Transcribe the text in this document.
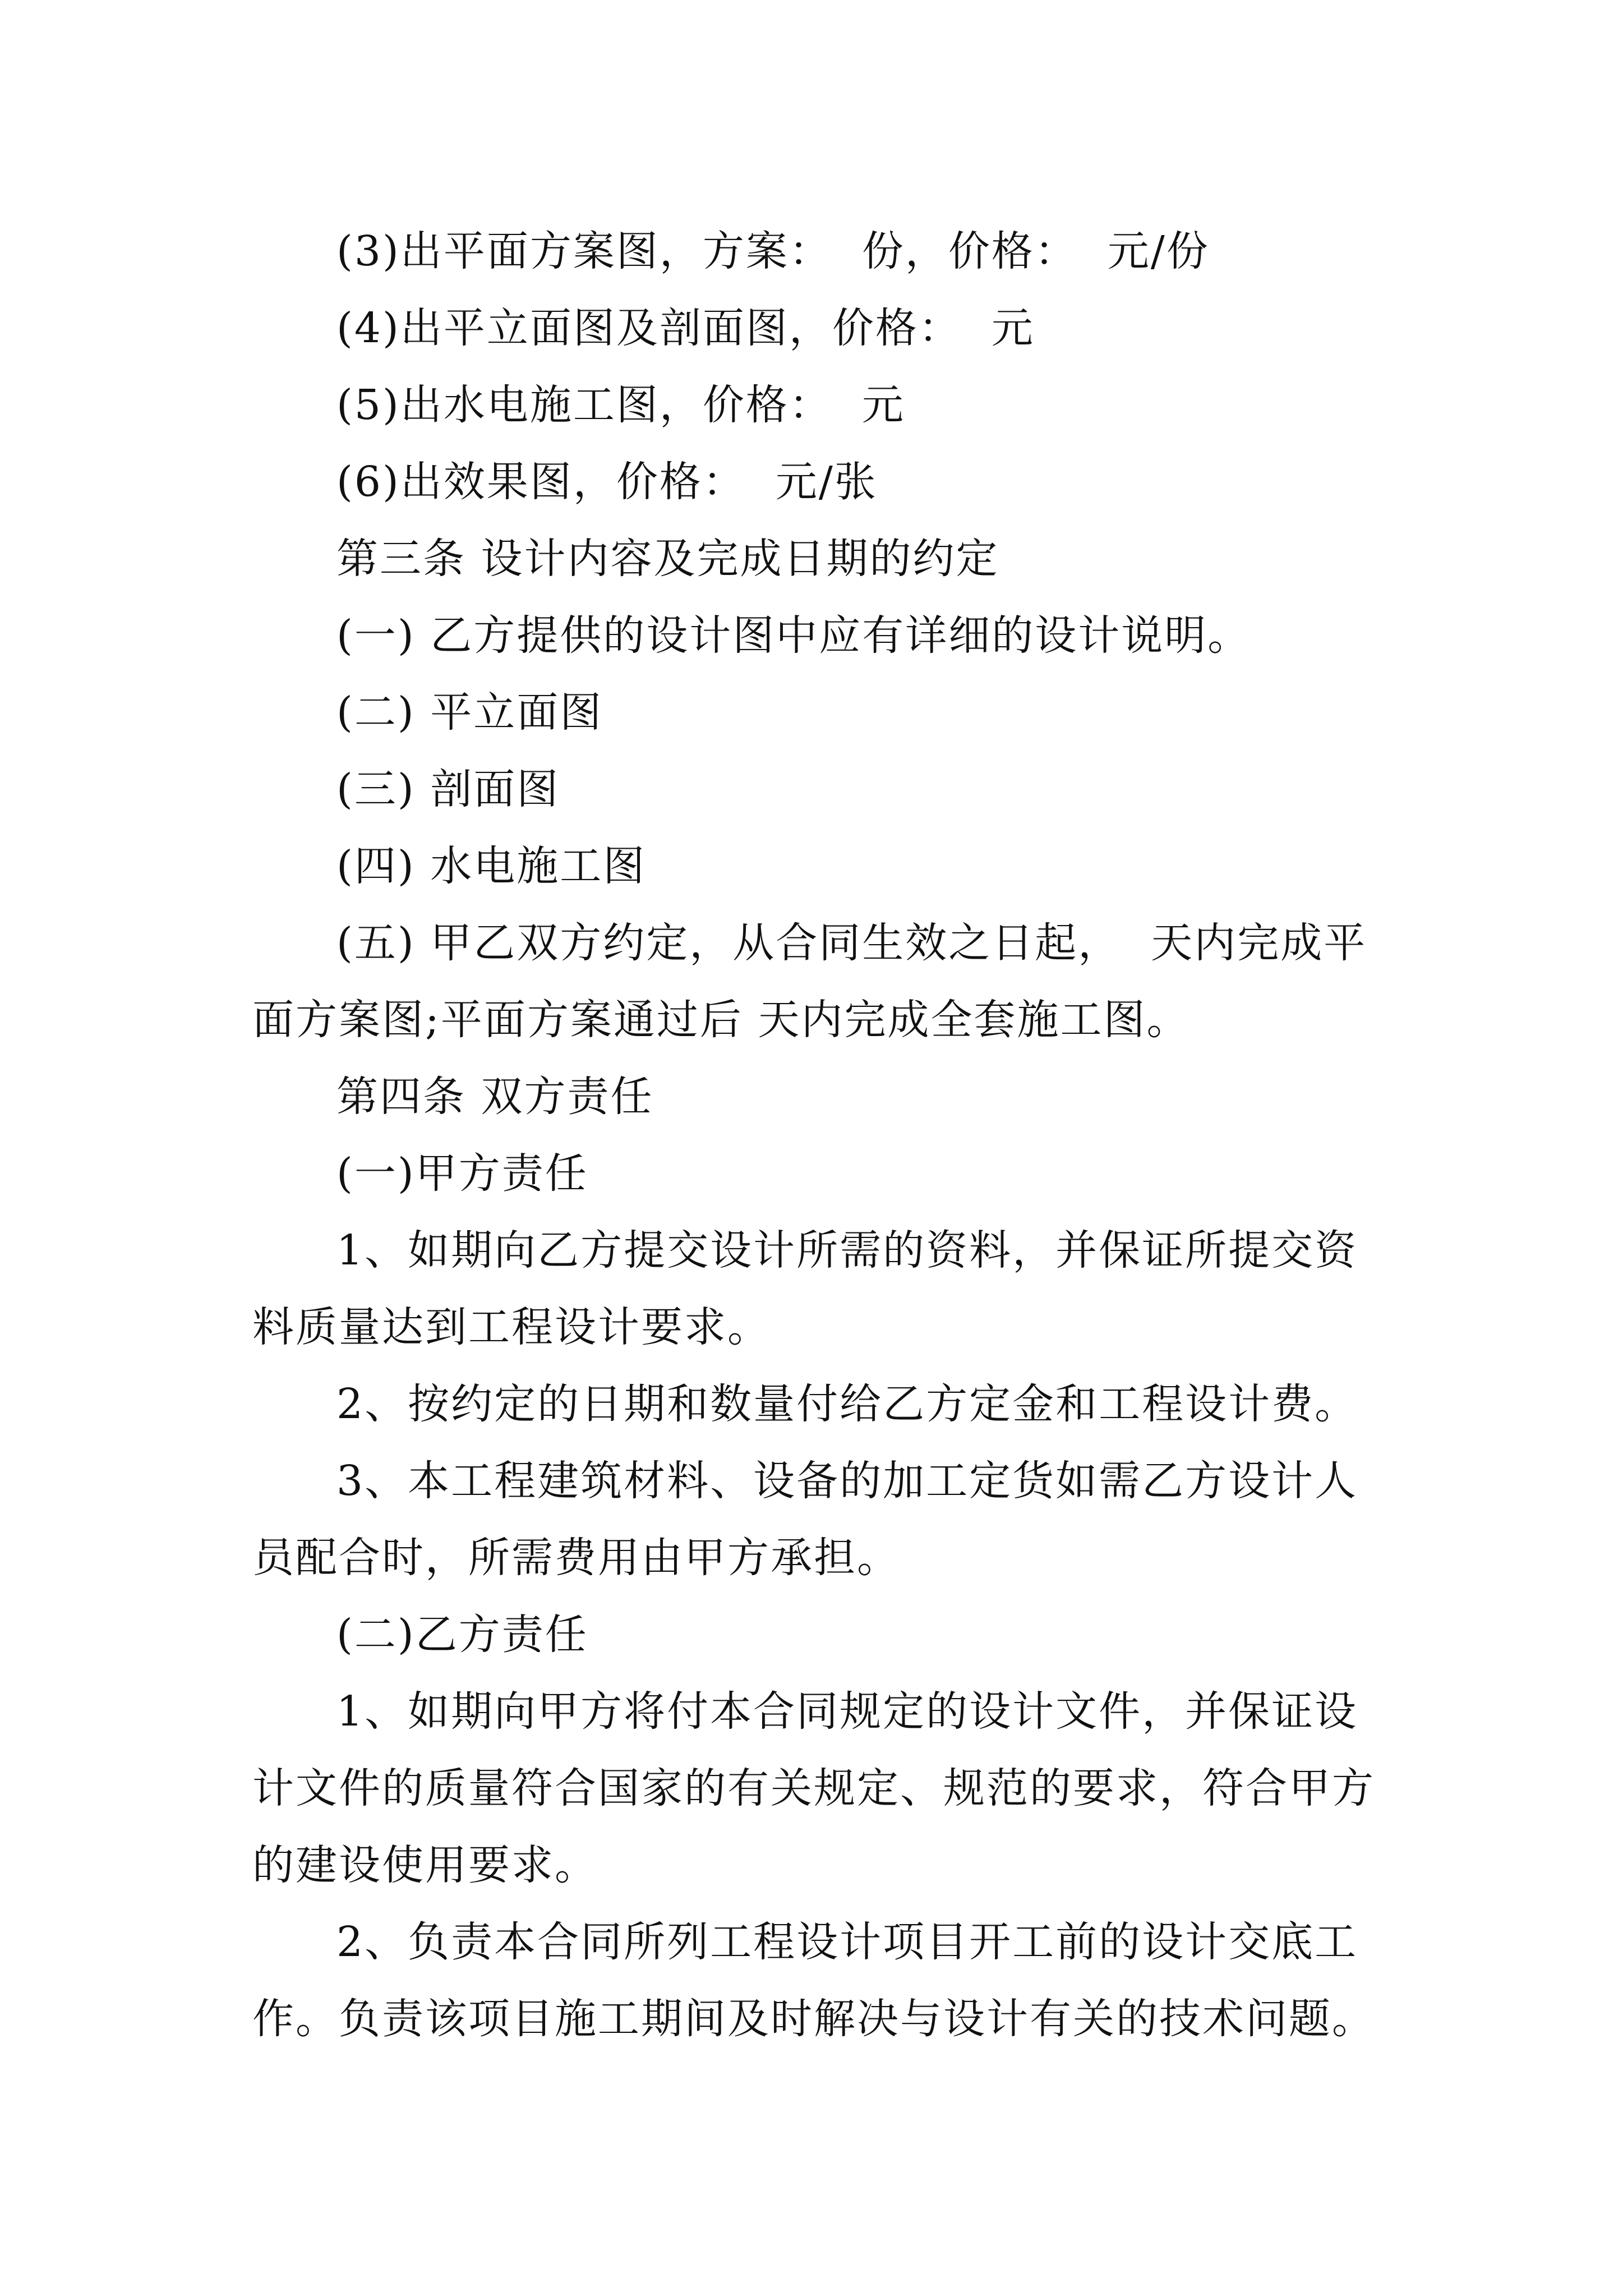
(3)出平面方案图，方案：  份，价格：  元/份
(4)出平立面图及剖面图，价格：  元
(5)出水电施工图，价格：  元
(6)出效果图，价格：  元/张
第三条 设计内容及完成日期的约定
(一) 乙方提供的设计图中应有详细的设计说明。
(二) 平立面图
(三) 剖面图
(四) 水电施工图
(五) 甲乙双方约定，从合同生效之日起，  天内完成平
面方案图;平面方案通过后 天内完成全套施工图。
第四条 双方责任
(一)甲方责任
1、如期向乙方提交设计所需的资料，并保证所提交资
料质量达到工程设计要求。
2、按约定的日期和数量付给乙方定金和工程设计费。
3、本工程建筑材料、设备的加工定货如需乙方设计人
员配合时，所需费用由甲方承担。
(二)乙方责任
1、如期向甲方将付本合同规定的设计文件，并保证设
计文件的质量符合国家的有关规定、规范的要求，符合甲方
的建设使用要求。
2、负责本合同所列工程设计项目开工前的设计交底工
作。负责该项目施工期间及时解决与设计有关的技术问题。
